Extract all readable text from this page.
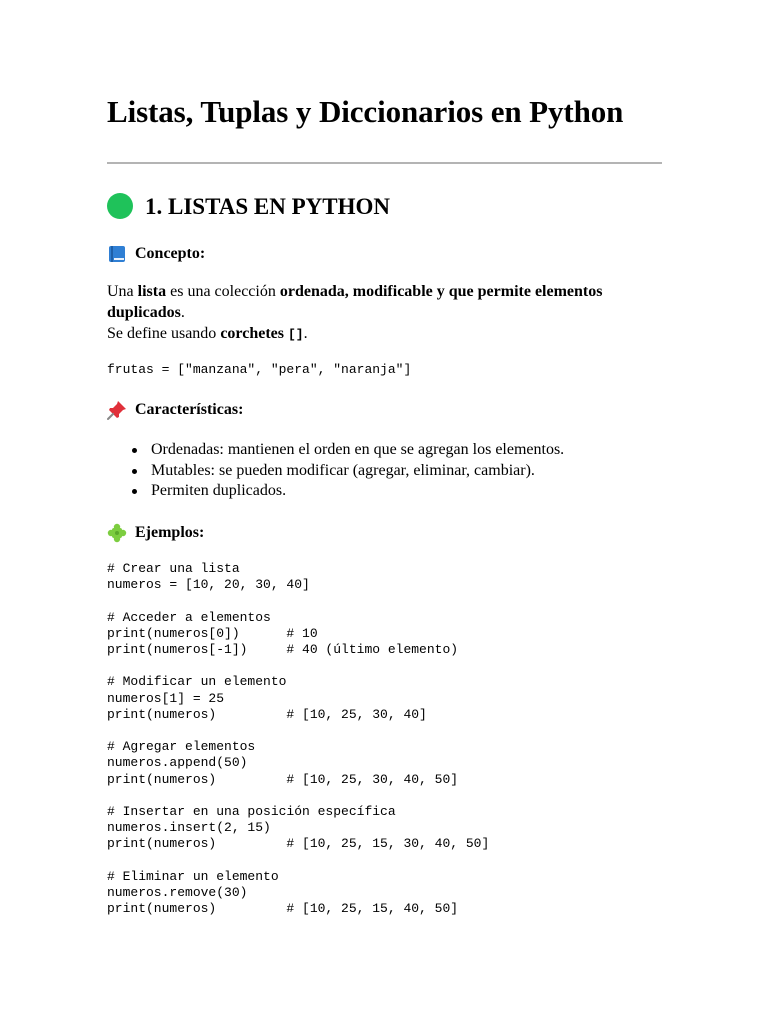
Listas, Tuplas y Diccionarios en Python
1. LISTAS EN PYTHON
Concepto:

Una lista es una colección ordenada, modificable y que permite elementos duplicados.
Se define usando corchetes [].

frutas = ["manzana", "pera", "naranja"]
Características:
Ordenadas: mantienen el orden en que se agregan los elementos.
Mutables: se pueden modificar (agregar, eliminar, cambiar).
Permiten duplicados.
Ejemplos:
# Crear una lista
numeros = [10, 20, 30, 40]

# Acceder a elementos
print(numeros[0])      # 10
print(numeros[-1])     # 40 (último elemento)

# Modificar un elemento
numeros[1] = 25
print(numeros)         # [10, 25, 30, 40]

# Agregar elementos
numeros.append(50)
print(numeros)         # [10, 25, 30, 40, 50]

# Insertar en una posición específica
numeros.insert(2, 15)
print(numeros)         # [10, 25, 15, 30, 40, 50]

# Eliminar un elemento
numeros.remove(30)
print(numeros)         # [10, 25, 15, 40, 50]
